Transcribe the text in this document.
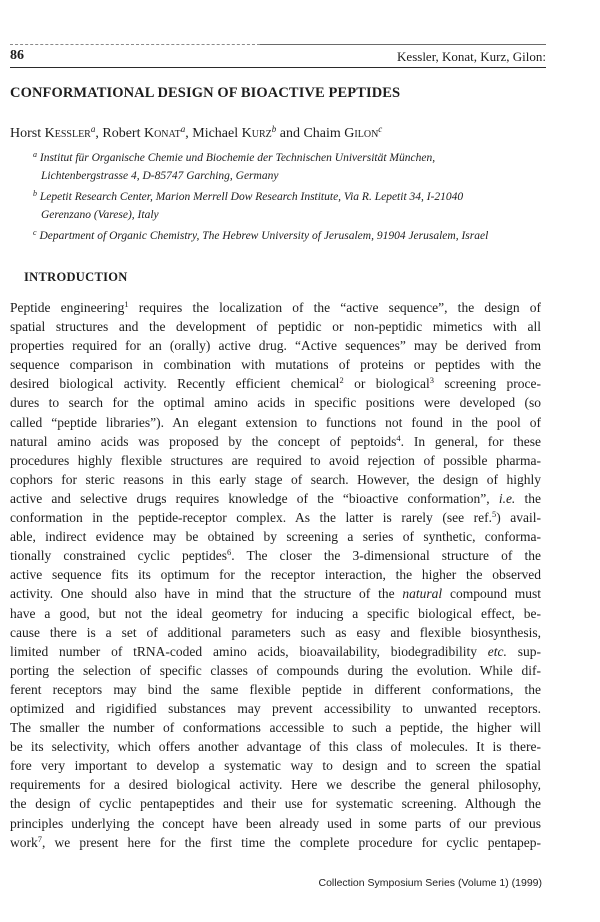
86	Kessler, Konat, Kurz, Gilon:
CONFORMATIONAL DESIGN OF BIOACTIVE PEPTIDES
Horst Kessler$^a$, Robert Konat$^a$, Michael Kurz$^b$ and Chaim Gilon$^c$
$^a$ Institut für Organische Chemie und Biochemie der Technischen Universität München,
Lichtenbergstrasse 4, D-85747 Garching, Germany
$^b$ Lepetit Research Center, Marion Merrell Dow Research Institute, Via R. Lepetit 34, I-21040
Gerenzano (Varese), Italy
$^c$ Department of Organic Chemistry, The Hebrew University of Jerusalem, 91904 Jerusalem, Israel
INTRODUCTION
Peptide engineering$^1$ requires the localization of the “active sequence”, the design of
spatial structures and the development of peptidic or non-peptidic mimetics with all
properties required for an (orally) active drug. “Active sequences” may be derived from
sequence comparison in combination with mutations of proteins or peptides with the
desired biological activity. Recently efficient chemical$^2$ or biological$^3$ screening proce-
dures to search for the optimal amino acids in specific positions were developed (so
called “peptide libraries”). An elegant extension to functions not found in the pool of
natural amino acids was proposed by the concept of peptoids$^4$. In general, for these
procedures highly flexible structures are required to avoid rejection of possible pharma-
cophors for steric reasons in this early stage of search. However, the design of highly
active and selective drugs requires knowledge of the “bioactive conformation”, i.e. the
conformation in the peptide-receptor complex. As the latter is rarely (see ref.$^5$) avail-
able, indirect evidence may be obtained by screening a series of synthetic, conforma-
tionally constrained cyclic peptides$^6$. The closer the 3-dimensional structure of the
active sequence fits its optimum for the receptor interaction, the higher the observed
activity. One should also have in mind that the structure of the natural compound must
have a good, but not the ideal geometry for inducing a specific biological effect, be-
cause there is a set of additional parameters such as easy and flexible biosynthesis,
limited number of tRNA-coded amino acids, bioavailability, biodegradibility etc. sup-
porting the selection of specific classes of compounds during the evolution. While dif-
ferent receptors may bind the same flexible peptide in different conformations, the
optimized and rigidified substances may prevent accessibility to unwanted receptors.
The smaller the number of conformations accessible to such a peptide, the higher will
be its selectivity, which offers another advantage of this class of molecules. It is there-
fore very important to develop a systematic way to design and to screen the spatial
requirements for a desired biological activity. Here we describe the general philosophy,
the design of cyclic pentapeptides and their use for systematic screening. Although the
principles underlying the concept have been already used in some parts of our previous
work$^7$, we present here for the first time the complete procedure for cyclic pentapep-
Collection Symposium Series (Volume 1) (1999)
